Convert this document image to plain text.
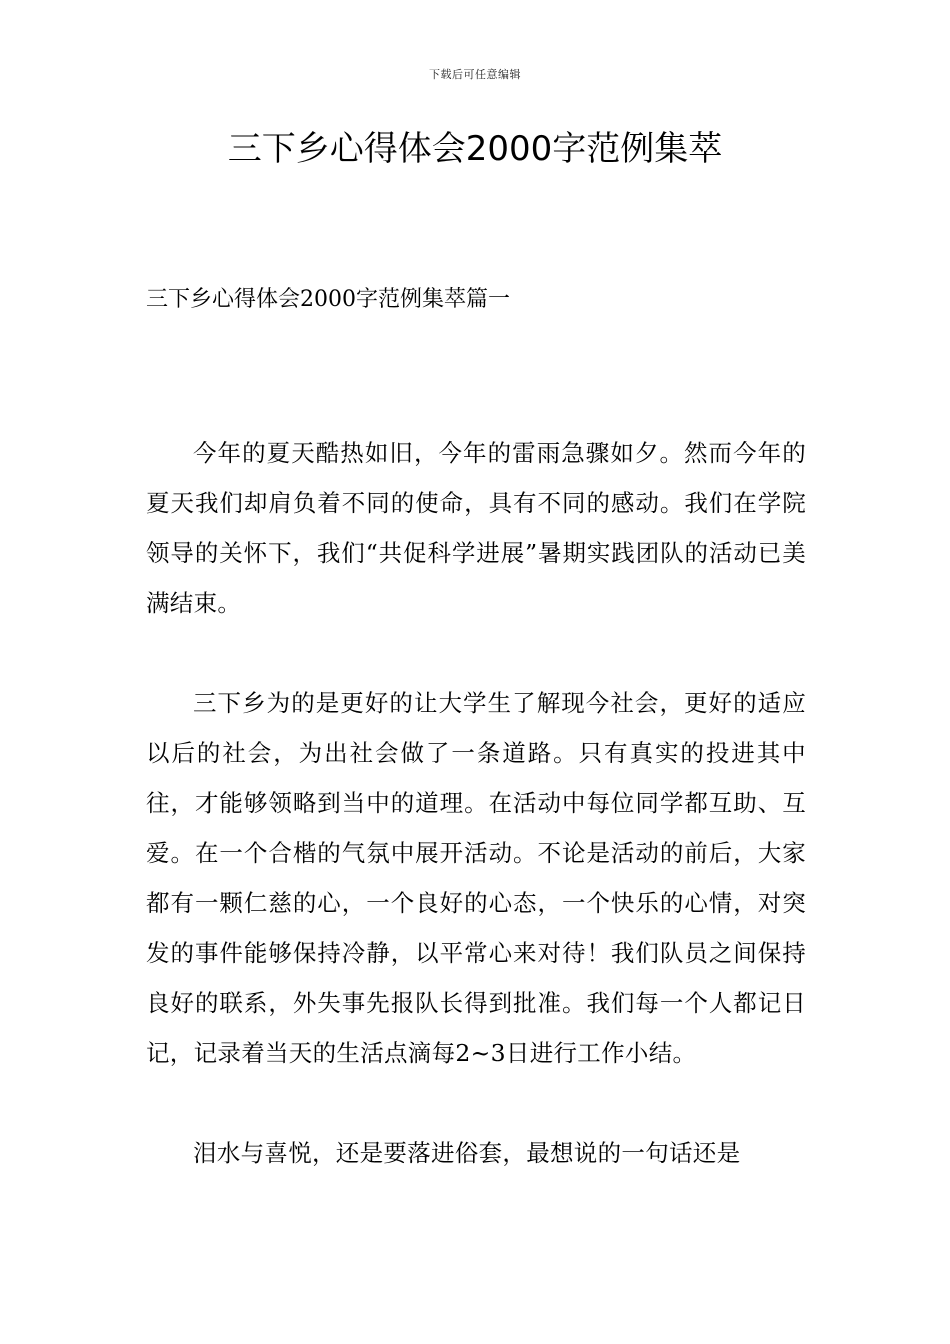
下载后可任意编辑
三下乡心得体会2000字范例集萃
三下乡心得体会2000字范例集萃篇一

今年的夏天酷热如旧，今年的雷雨急骤如夕。然而今年的夏天我们却肩负着不同的使命，具有不同的感动。我们在学院领导的关怀下，我们“共促科学进展”暑期实践团队的活动已美满结束。

三下乡为的是更好的让大学生了解现今社会，更好的适应以后的社会，为出社会做了一条道路。只有真实的投进其中往，才能够领略到当中的道理。在活动中每位同学都互助、互爱。在一个合楷的气氛中展开活动。不论是活动的前后，大家都有一颗仁慈的心，一个良好的心态，一个快乐的心情，对突发的事件能够保持冷静，以平常心来对待！我们队员之间保持良好的联系，外失事先报队长得到批准。我们每一个人都记日记，记录着当天的生活点滴每2~3日进行工作小结。

泪水与喜悦，还是要落进俗套，最想说的一句话还是
